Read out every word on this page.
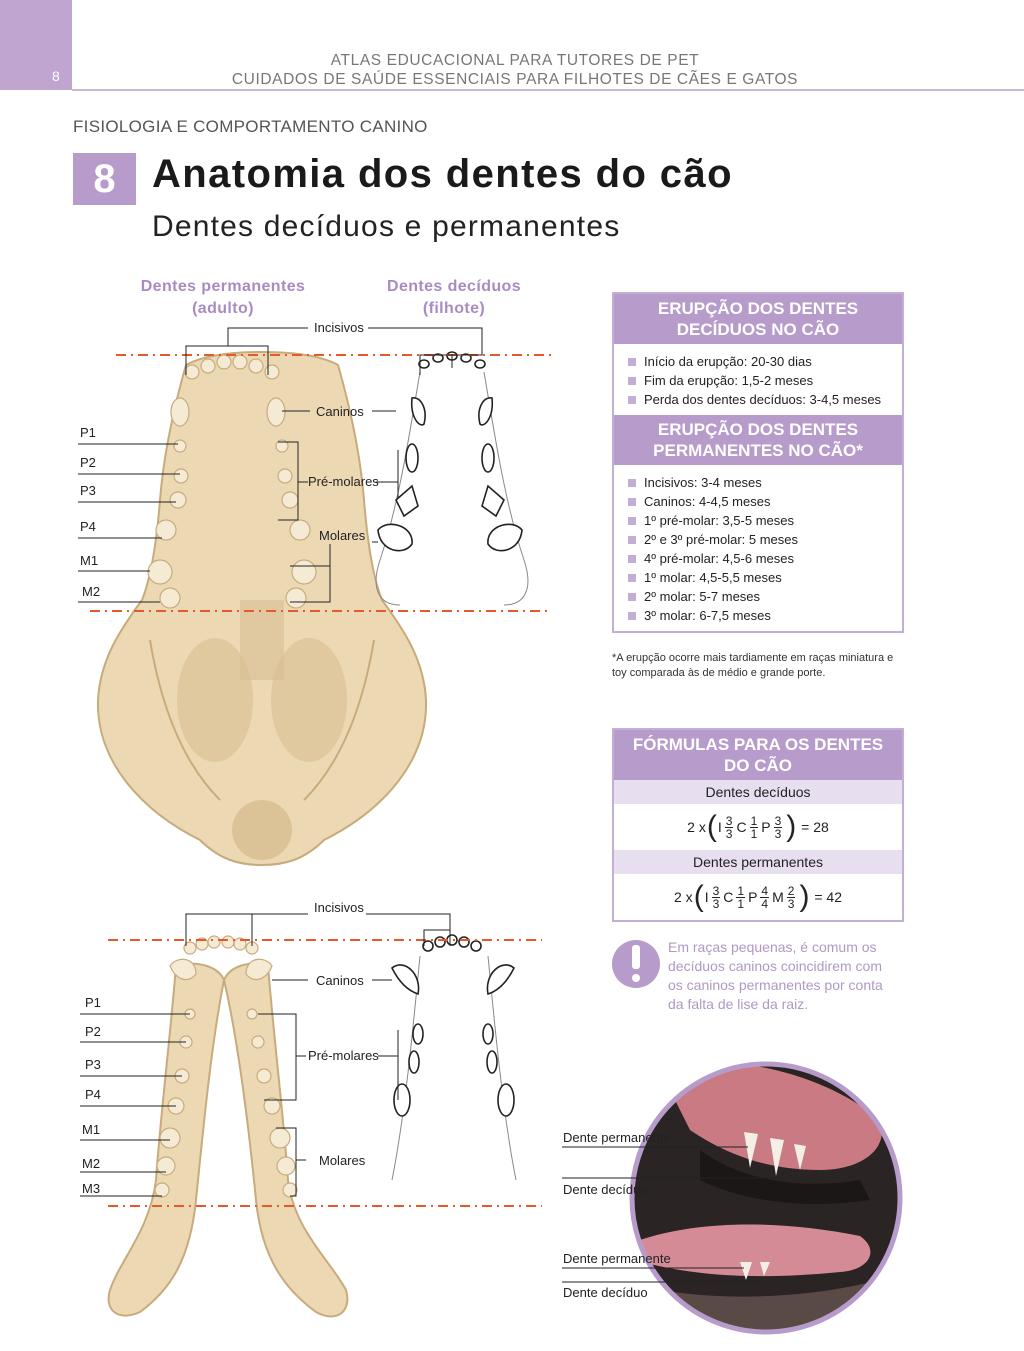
8
ATLAS EDUCACIONAL PARA TUTORES DE PET
CUIDADOS DE SAÚDE ESSENCIAIS PARA FILHOTES DE CÃES E GATOS
FISIOLOGIA E COMPORTAMENTO CANINO
8 Anatomia dos dentes do cão
Dentes decíduos e permanentes
Dentes permanentes
(adulto)
Dentes decíduos
(filhote)
Incisivos
Caninos
Pré-molares
Molares
P1
P2
P3
P4
M1
M2
Incisivos
Caninos
Pré-molares
Molares
P1
P2
P3
P4
M1
M2
M3
ERUPÇÃO DOS DENTES
DECÍDUOS NO CÃO
Início da erupção: 20-30 dias
Fim da erupção: 1,5-2 meses
Perda dos dentes decíduos: 3-4,5 meses
ERUPÇÃO DOS DENTES
PERMANENTES NO CÃO*
Incisivos: 3-4 meses
Caninos: 4-4,5 meses
1º pré-molar: 3,5-5 meses
2º e 3º pré-molar: 5 meses
4º pré-molar: 4,5-6 meses
1º molar: 4,5-5,5 meses
2º molar: 5-7 meses
3º molar: 6-7,5 meses
*A erupção ocorre mais tardiamente em raças miniatura e
toy comparada às de médio e grande porte.
FÓRMULAS PARA OS DENTES
DO CÃO
Dentes decíduos
2 x ( I $\frac{3}{3}$ C $\frac{1}{1}$ P $\frac{3}{3}$ )
= 28
Dentes permanentes
2 x ( I $\frac{3}{3}$ C $\frac{1}{1}$ P $\frac{4}{4}$ M $\frac{2}{3}$ )
= 42
Em raças pequenas, é comum os
decíduos caninos coincidirem com
os caninos permanentes por conta
da falta de lise da raiz.
Dente permanente
Dente decíduo
Dente permanente
Dente decíduo
